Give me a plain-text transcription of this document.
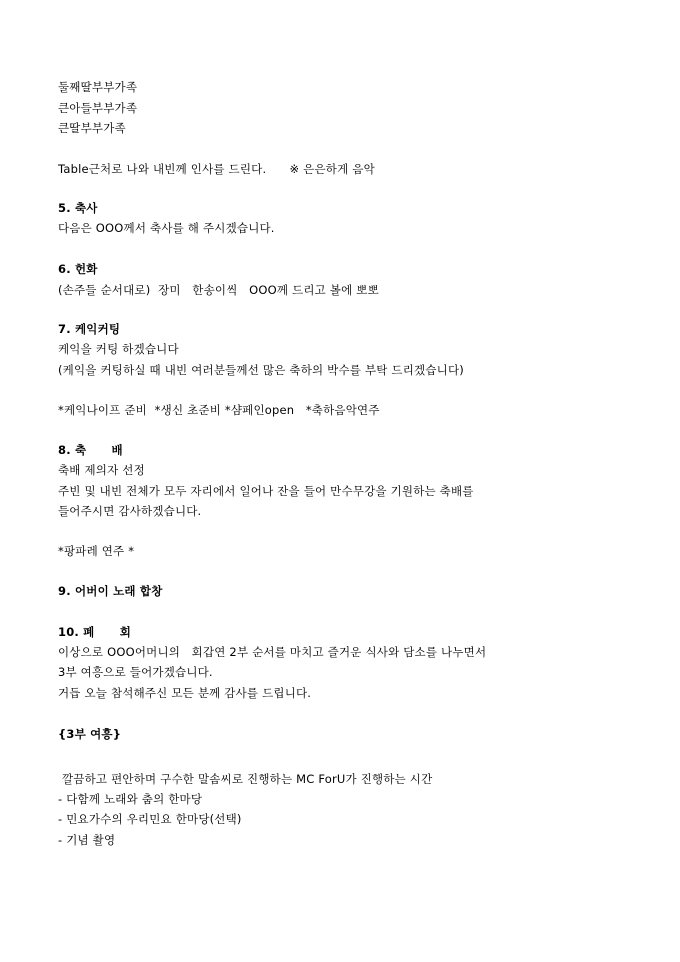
둘째딸부부가족
큰아들부부가족
큰딸부부가족
Table근처로 나와 내빈께 인사를 드린다.      ※ 은은하게 음악
5. 축사
다음은 OOO께서 축사를 해 주시겠습니다.
6. 헌화
(손주들 순서대로)  장미   한송이씩   OOO께 드리고 볼에 뽀뽀
7. 케익커팅
케익을 커팅 하겠습니다
(케익을 커팅하실 때 내빈 여러분들께선 많은 축하의 박수를 부탁 드리겠습니다)
*케익나이프 준비  *생신 초준비 *샴페인open   *축하음악연주
8. 축      배
축배 제의자 선정
주빈 및 내빈 전체가 모두 자리에서 일어나 잔을 들어 만수무강을 기원하는 축배를
들어주시면 감사하겠습니다.
*팡파레 연주 *
9. 어버이 노래 합창
10. 폐      회
이상으로 OOO어머니의   회갑연 2부 순서를 마치고 즐거운 식사와 담소를 나누면서
3부 여흥으로 들어가겠습니다.
거듭 오늘 참석해주신 모든 분께 감사를 드립니다.
{3부 여흥}
깔끔하고 편안하며 구수한 말솜씨로 진행하는 MC ForU가 진행하는 시간
- 다함께 노래와 춤의 한마당
- 민요가수의 우리민요 한마당(선택)
- 기념 촬영
